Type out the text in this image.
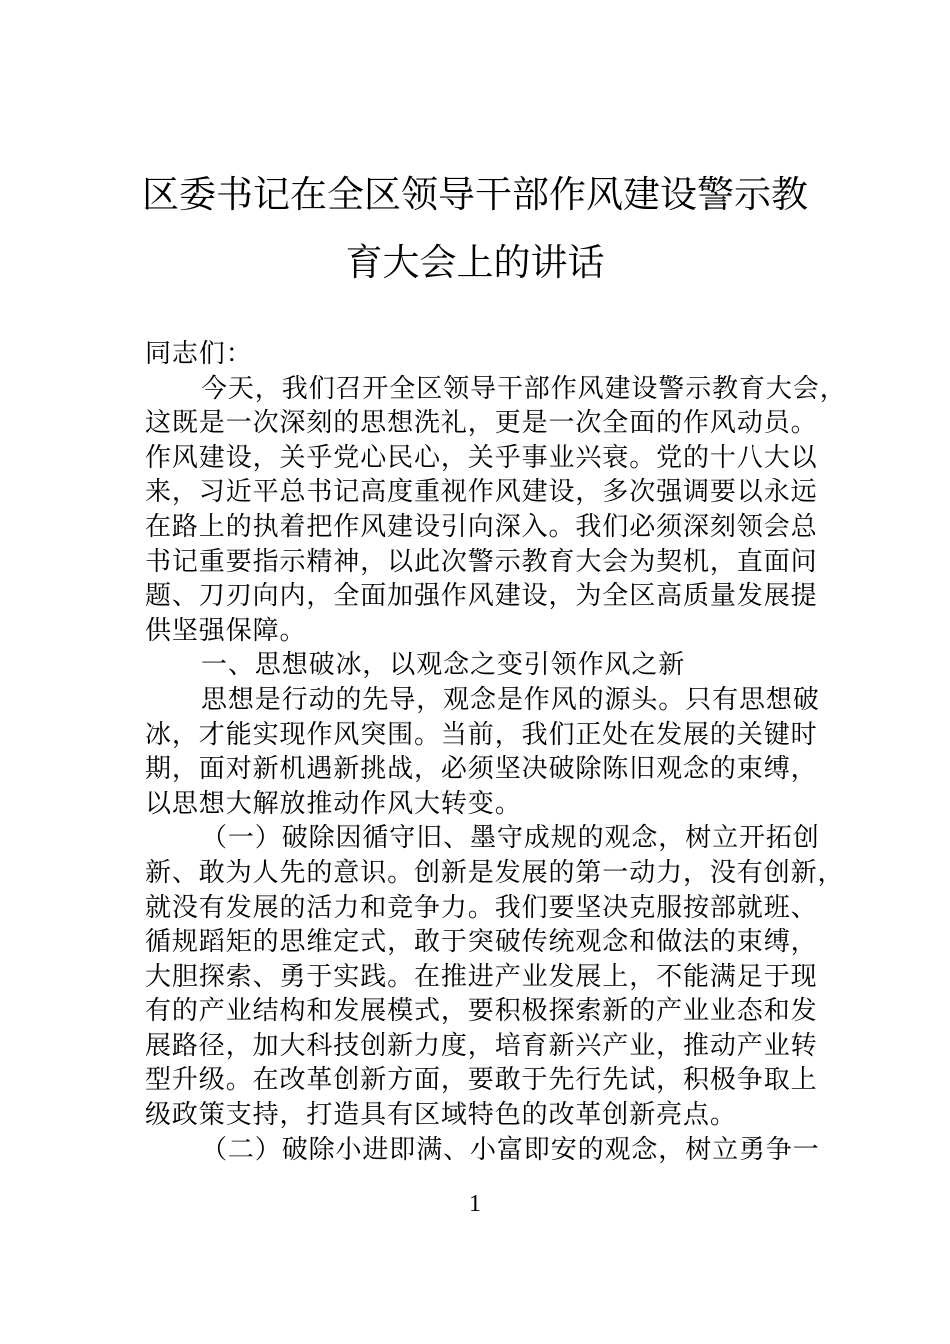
区委书记在全区领导干部作风建设警示教
育大会上的讲话
同志们：
今天，我们召开全区领导干部作风建设警示教育大会，
这既是一次深刻的思想洗礼，更是一次全面的作风动员。
作风建设，关乎党心民心，关乎事业兴衰。党的十八大以
来，习近平总书记高度重视作风建设，多次强调要以永远
在路上的执着把作风建设引向深入。我们必须深刻领会总
书记重要指示精神，以此次警示教育大会为契机，直面问
题、刀刃向内，全面加强作风建设，为全区高质量发展提
供坚强保障。
一、思想破冰，以观念之变引领作风之新
思想是行动的先导，观念是作风的源头。只有思想破
冰，才能实现作风突围。当前，我们正处在发展的关键时
期，面对新机遇新挑战，必须坚决破除陈旧观念的束缚，
以思想大解放推动作风大转变。
（一）破除因循守旧、墨守成规的观念，树立开拓创
新、敢为人先的意识。创新是发展的第一动力，没有创新，
就没有发展的活力和竞争力。我们要坚决克服按部就班、
循规蹈矩的思维定式，敢于突破传统观念和做法的束缚，
大胆探索、勇于实践。在推进产业发展上，不能满足于现
有的产业结构和发展模式，要积极探索新的产业业态和发
展路径，加大科技创新力度，培育新兴产业，推动产业转
型升级。在改革创新方面，要敢于先行先试，积极争取上
级政策支持，打造具有区域特色的改革创新亮点。
（二）破除小进即满、小富即安的观念，树立勇争一
1
